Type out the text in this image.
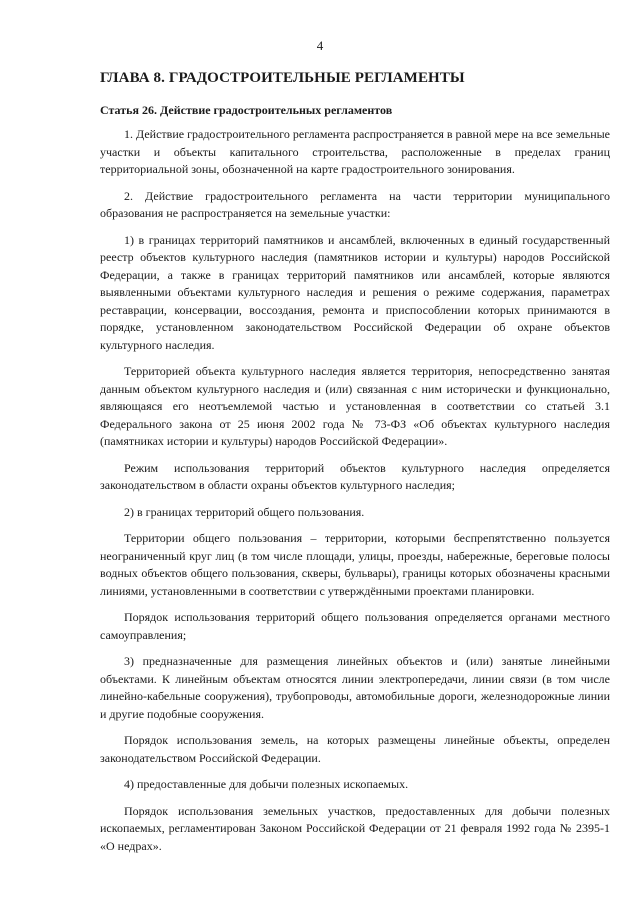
4
ГЛАВА 8. ГРАДОСТРОИТЕЛЬНЫЕ РЕГЛАМЕНТЫ
Статья 26. Действие градостроительных регламентов

1. Действие градостроительного регламента распространяется в равной мере на все земельные участки и объекты капитального строительства, расположенные в пределах границ территориальной зоны, обозначенной на карте градостроительного зонирования.

2. Действие градостроительного регламента на части территории муниципального образования не распространяется на земельные участки:

1) в границах территорий памятников и ансамблей, включенных в единый государственный реестр объектов культурного наследия (памятников истории и культуры) народов Российской Федерации, а также в границах территорий памятников или ансамблей, которые являются выявленными объектами культурного наследия и решения о режиме содержания, параметрах реставрации, консервации, воссоздания, ремонта и приспособлении которых принимаются в порядке, установленном законодательством Российской Федерации об охране объектов культурного наследия.

Территорией объекта культурного наследия является территория, непосредственно занятая данным объектом культурного наследия и (или) связанная с ним исторически и функционально, являющаяся его неотъемлемой частью и установленная в соответствии со статьей 3.1 Федерального закона от 25 июня 2002 года № 73-ФЗ «Об объектах культурного наследия (памятниках истории и культуры) народов Российской Федерации».

Режим использования территорий объектов культурного наследия определяется законодательством в области охраны объектов культурного наследия;

2) в границах территорий общего пользования.

Территории общего пользования – территории, которыми беспрепятственно пользуется неограниченный круг лиц (в том числе площади, улицы, проезды, набережные, береговые полосы водных объектов общего пользования, скверы, бульвары), границы которых обозначены красными линиями, установленными в соответствии с утверждёнными проектами планировки.

Порядок использования территорий общего пользования определяется органами местного самоуправления;

3) предназначенные для размещения линейных объектов и (или) занятые линейными объектами. К линейным объектам относятся линии электропередачи, линии связи (в том числе линейно-кабельные сооружения), трубопроводы, автомобильные дороги, железнодорожные линии и другие подобные сооружения.

Порядок использования земель, на которых размещены линейные объекты, определен законодательством Российской Федерации.

4) предоставленные для добычи полезных ископаемых.

Порядок использования земельных участков, предоставленных для добычи полезных ископаемых, регламентирован Законом Российской Федерации от 21 февраля 1992 года № 2395-1 «О недрах».
